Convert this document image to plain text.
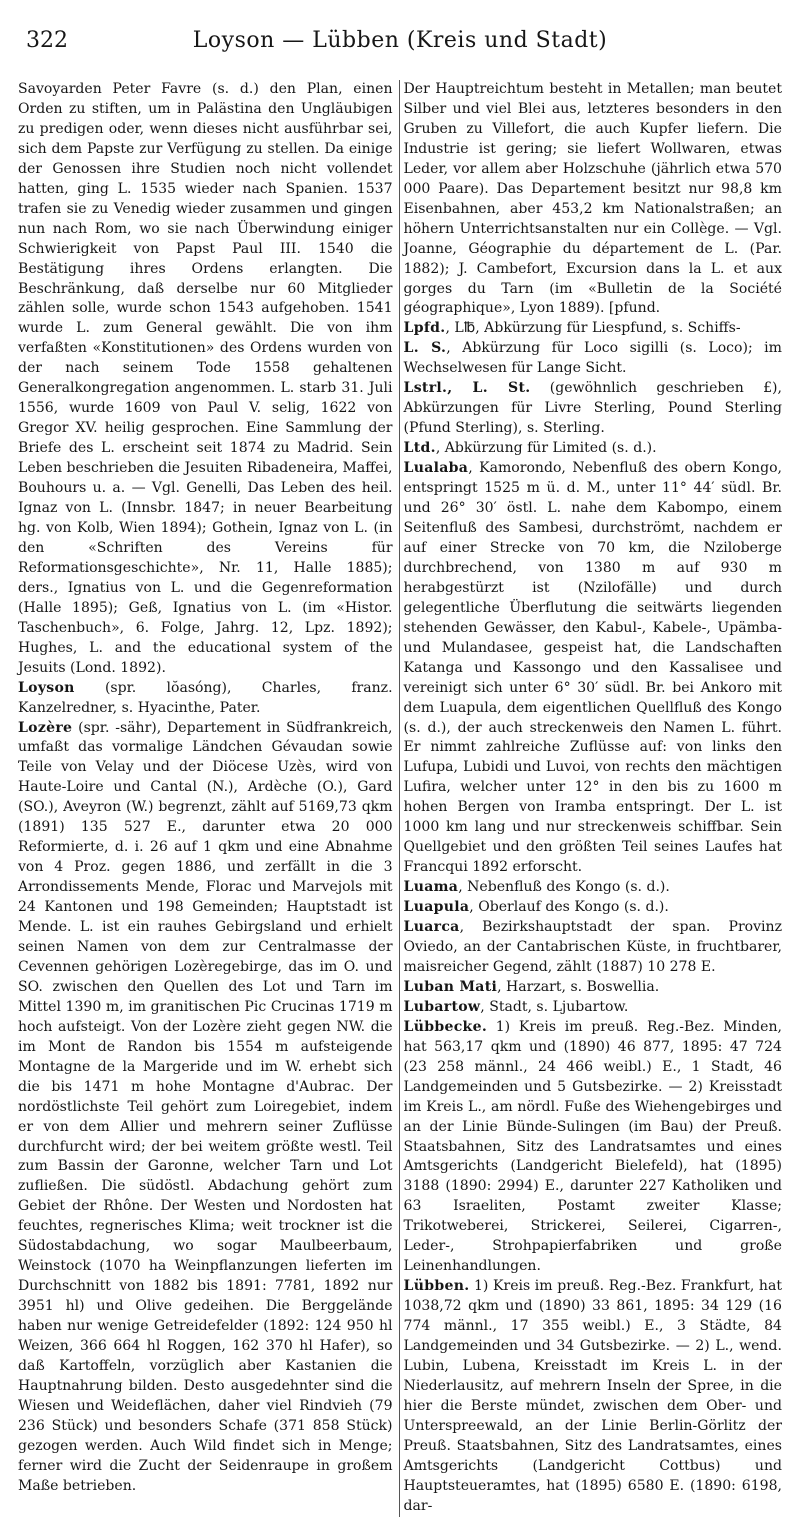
322	Loyson — Lübben (Kreis und Stadt)

Savoyarden Peter Favre (s. d.) den Plan, einen Orden zu stiften, um in Palästina den Ungläubigen zu predigen oder, wenn dieses nicht ausführbar sei, sich dem Papste zur Verfügung zu stellen. Da einige der Genossen ihre Studien noch nicht vollendet hatten, ging L. 1535 wieder nach Spanien. 1537 trafen sie zu Venedig wieder zusammen und gingen nun nach Rom, wo sie nach Überwindung einiger Schwierigkeit von Papst Paul III. 1540 die Bestätigung ihres Ordens erlangten. Die Beschränkung, daß derselbe nur 60 Mitglieder zählen solle, wurde schon 1543 aufgehoben. 1541 wurde L. zum General gewählt. Die von ihm verfaßten «Konstitutionen» des Ordens wurden von der nach seinem Tode 1558 gehaltenen Generalkongregation angenommen. L. starb 31. Juli 1556, wurde 1609 von Paul V. selig, 1622 von Gregor XV. heilig gesprochen. Eine Sammlung der Briefe des L. erscheint seit 1874 zu Madrid. Sein Leben beschrieben die Jesuiten Ribadeneira, Maffei, Bouhours u. a. — Vgl. Genelli, Das Leben des heil. Ignaz von L. (Innsbr. 1847; in neuer Bearbeitung hg. von Kolb, Wien 1894); Gothein, Ignaz von L. (in den «Schriften des Vereins für Reformationsgeschichte», Nr. 11, Halle 1885); ders., Ignatius von L. und die Gegenreformation (Halle 1895); Geß, Ignatius von L. (im «Histor. Taschenbuch», 6. Folge, Jahrg. 12, Lpz. 1892); Hughes, L. and the educational system of the Jesuits (Lond. 1892).

Loyson (spr. lŏasóng), Charles, franz. Kanzelredner, s. Hyacinthe, Pater.

Lozère (spr. -sähr), Departement in Südfrankreich, umfaßt das vormalige Ländchen Gévaudan sowie Teile von Velay und der Diöcese Uzès, wird von Haute-Loire und Cantal (N.), Ardèche (O.), Gard (SO.), Aveyron (W.) begrenzt, zählt auf 5169,73 qkm (1891) 135 527 E., darunter etwa 20 000 Reformierte, d. i. 26 auf 1 qkm und eine Abnahme von 4 Proz. gegen 1886, und zerfällt in die 3 Arrondissements Mende, Florac und Marvejols mit 24 Kantonen und 198 Gemeinden; Hauptstadt ist Mende. L. ist ein rauhes Gebirgsland und erhielt seinen Namen von dem zur Centralmasse der Cevennen gehörigen Lozèregebirge, das im O. und SO. zwischen den Quellen des Lot und Tarn im Mittel 1390 m, im granitischen Pic Crucinas 1719 m hoch aufsteigt. Von der Lozère zieht gegen NW. die im Mont de Randon bis 1554 m aufsteigende Montagne de la Margeride und im W. erhebt sich die bis 1471 m hohe Montagne d'Aubrac. Der nordöstlichste Teil gehört zum Loiregebiet, indem er von dem Allier und mehrern seiner Zuflüsse durchfurcht wird; der bei weitem größte westl. Teil zum Bassin der Garonne, welcher Tarn und Lot zufließen. Die südöstl. Abdachung gehört zum Gebiet der Rhône. Der Westen und Nordosten hat feuchtes, regnerisches Klima; weit trockner ist die Südostabdachung, wo sogar Maulbeerbaum, Weinstock (1070 ha Weinpflanzungen lieferten im Durchschnitt von 1882 bis 1891: 7781, 1892 nur 3951 hl) und Olive gedeihen. Die Berggelände haben nur wenige Getreidefelder (1892: 124 950 hl Weizen, 366 664 hl Roggen, 162 370 hl Hafer), so daß Kartoffeln, vorzüglich aber Kastanien die Hauptnahrung bilden. Desto ausgedehnter sind die Wiesen und Weideflächen, daher viel Rindvieh (79 236 Stück) und besonders Schafe (371 858 Stück) gezogen werden. Auch Wild findet sich in Menge; ferner wird die Zucht der Seidenraupe in großem Maße betrieben.

Der Hauptreichtum besteht in Metallen; man beutet Silber und viel Blei aus, letzteres besonders in den Gruben zu Villefort, die auch Kupfer liefern. Die Industrie ist gering; sie liefert Wollwaren, etwas Leder, vor allem aber Holzschuhe (jährlich etwa 570 000 Paare). Das Departement besitzt nur 98,8 km Eisenbahnen, aber 453,2 km Nationalstraßen; an höhern Unterrichtsanstalten nur ein Collège. — Vgl. Joanne, Géographie du département de L. (Par. 1882); J. Cambefort, Excursion dans la L. et aux gorges du Tarn (im «Bulletin de la Société géographique», Lyon 1889). [pfund.

Lpfd., L℔, Abkürzung für Liespfund, s. Schiffs-

L. S., Abkürzung für Loco sigilli (s. Loco); im Wechselwesen für Lange Sicht.

Lstrl., L. St. (gewöhnlich geschrieben £), Abkürzungen für Livre Sterling, Pound Sterling (Pfund Sterling), s. Sterling.

Ltd., Abkürzung für Limited (s. d.).

Lualaba, Kamorondo, Nebenfluß des obern Kongo, entspringt 1525 m ü. d. M., unter 11° 44′ südl. Br. und 26° 30′ östl. L. nahe dem Kabompo, einem Seitenfluß des Sambesi, durchströmt, nachdem er auf einer Strecke von 70 km, die Nziloberge durchbrechend, von 1380 m auf 930 m herabgestürzt ist (Nzilofälle) und durch gelegentliche Überflutung die seitwärts liegenden stehenden Gewässer, den Kabul-, Kabele-, Upämba- und Mulandasee, gespeist hat, die Landschaften Katanga und Kassongo und den Kassalisee und vereinigt sich unter 6° 30′ südl. Br. bei Ankoro mit dem Luapula, dem eigentlichen Quellfluß des Kongo (s. d.), der auch streckenweis den Namen L. führt. Er nimmt zahlreiche Zuflüsse auf: von links den Lufupa, Lubidi und Luvoi, von rechts den mächtigen Lufira, welcher unter 12° in den bis zu 1600 m hohen Bergen von Iramba entspringt. Der L. ist 1000 km lang und nur streckenweis schiffbar. Sein Quellgebiet und den größten Teil seines Laufes hat Francqui 1892 erforscht.

Luama, Nebenfluß des Kongo (s. d.).

Luapula, Oberlauf des Kongo (s. d.).

Luarca, Bezirkshauptstadt der span. Provinz Oviedo, an der Cantabrischen Küste, in fruchtbarer, maisreicher Gegend, zählt (1887) 10 278 E.

Luban Mati, Harzart, s. Boswellia.

Lubartow, Stadt, s. Ljubartow.

Lübbecke. 1) Kreis im preuß. Reg.-Bez. Minden, hat 563,17 qkm und (1890) 46 877, 1895: 47 724 (23 258 männl., 24 466 weibl.) E., 1 Stadt, 46 Landgemeinden und 5 Gutsbezirke. — 2) Kreisstadt im Kreis L., am nördl. Fuße des Wiehengebirges und an der Linie Bünde-Sulingen (im Bau) der Preuß. Staatsbahnen, Sitz des Landratsamtes und eines Amtsgerichts (Landgericht Bielefeld), hat (1895) 3188 (1890: 2994) E., darunter 227 Katholiken und 63 Israeliten, Postamt zweiter Klasse; Trikotweberei, Strickerei, Seilerei, Cigarren-, Leder-, Strohpapierfabriken und große Leinenhandlungen.

Lübben. 1) Kreis im preuß. Reg.-Bez. Frankfurt, hat 1038,72 qkm und (1890) 33 861, 1895: 34 129 (16 774 männl., 17 355 weibl.) E., 3 Städte, 84 Landgemeinden und 34 Gutsbezirke. — 2) L., wend. Lubin, Lubena, Kreisstadt im Kreis L. in der Niederlausitz, auf mehrern Inseln der Spree, in die hier die Berste mündet, zwischen dem Ober- und Unterspreewald, an der Linie Berlin-Görlitz der Preuß. Staatsbahnen, Sitz des Landratsamtes, eines Amtsgerichts (Landgericht Cottbus) und Hauptsteueramtes, hat (1895) 6580 E. (1890: 6198, dar-
